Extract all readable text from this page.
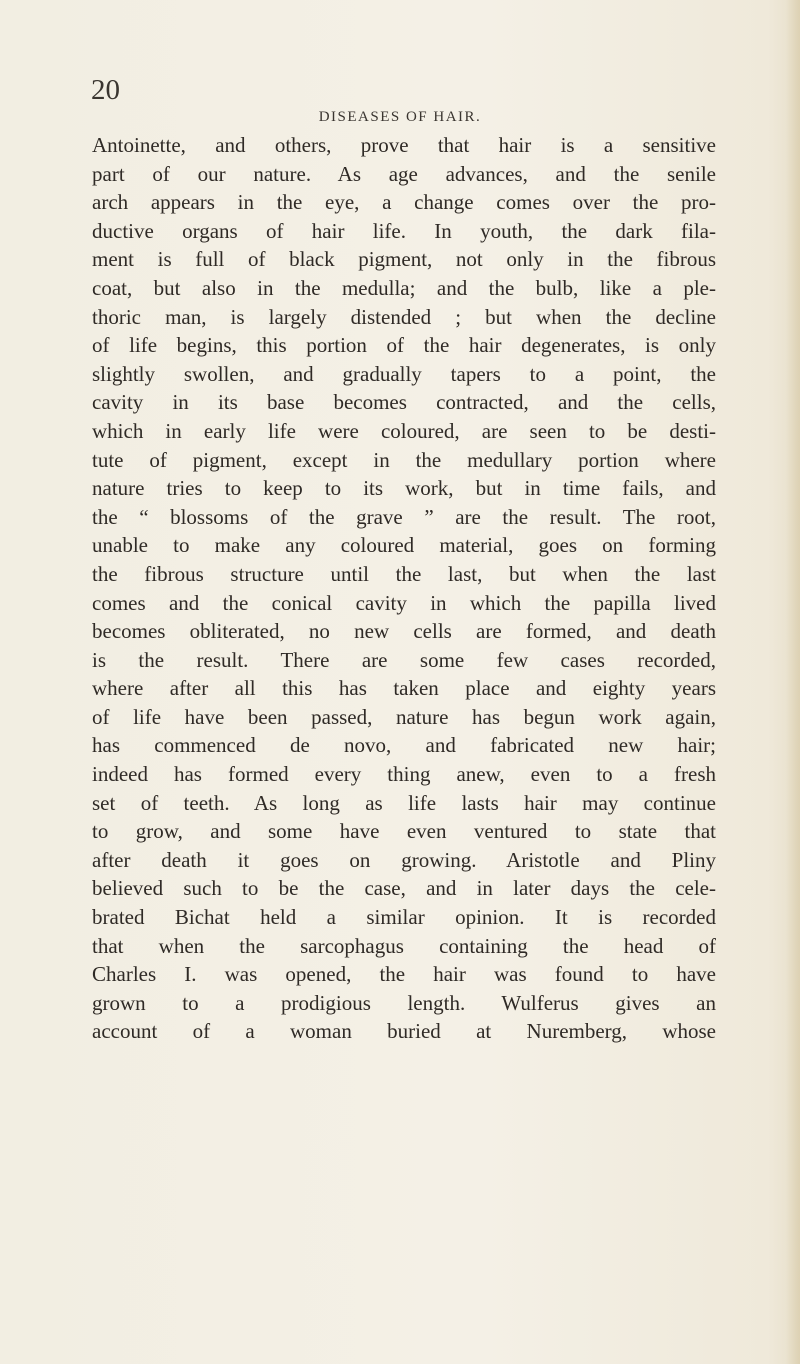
20

DISEASES OF HAIR.

Antoinette, and others, prove that hair is a sensitive
part of our nature. As age advances, and the senile
arch appears in the eye, a change comes over the pro-
ductive organs of hair life. In youth, the dark fila-
ment is full of black pigment, not only in the fibrous
coat, but also in the medulla; and the bulb, like a ple-
thoric man, is largely distended ; but when the decline
of life begins, this portion of the hair degenerates, is only
slightly swollen, and gradually tapers to a point, the
cavity in its base becomes contracted, and the cells,
which in early life were coloured, are seen to be desti-
tute of pigment, except in the medullary portion where
nature tries to keep to its work, but in time fails, and
the “ blossoms of the grave ” are the result. The root,
unable to make any coloured material, goes on forming
the fibrous structure until the last, but when the last
comes and the conical cavity in which the papilla lived
becomes obliterated, no new cells are formed, and death
is the result. There are some few cases recorded,
where after all this has taken place and eighty years
of life have been passed, nature has begun work again,
has commenced de novo, and fabricated new hair;
indeed has formed every thing anew, even to a fresh
set of teeth. As long as life lasts hair may continue
to grow, and some have even ventured to state that
after death it goes on growing. Aristotle and Pliny
believed such to be the case, and in later days the cele-
brated Bichat held a similar opinion. It is recorded
that when the sarcophagus containing the head of
Charles I. was opened, the hair was found to have
grown to a prodigious length. Wulferus gives an
account of a woman buried at Nuremberg, whose
